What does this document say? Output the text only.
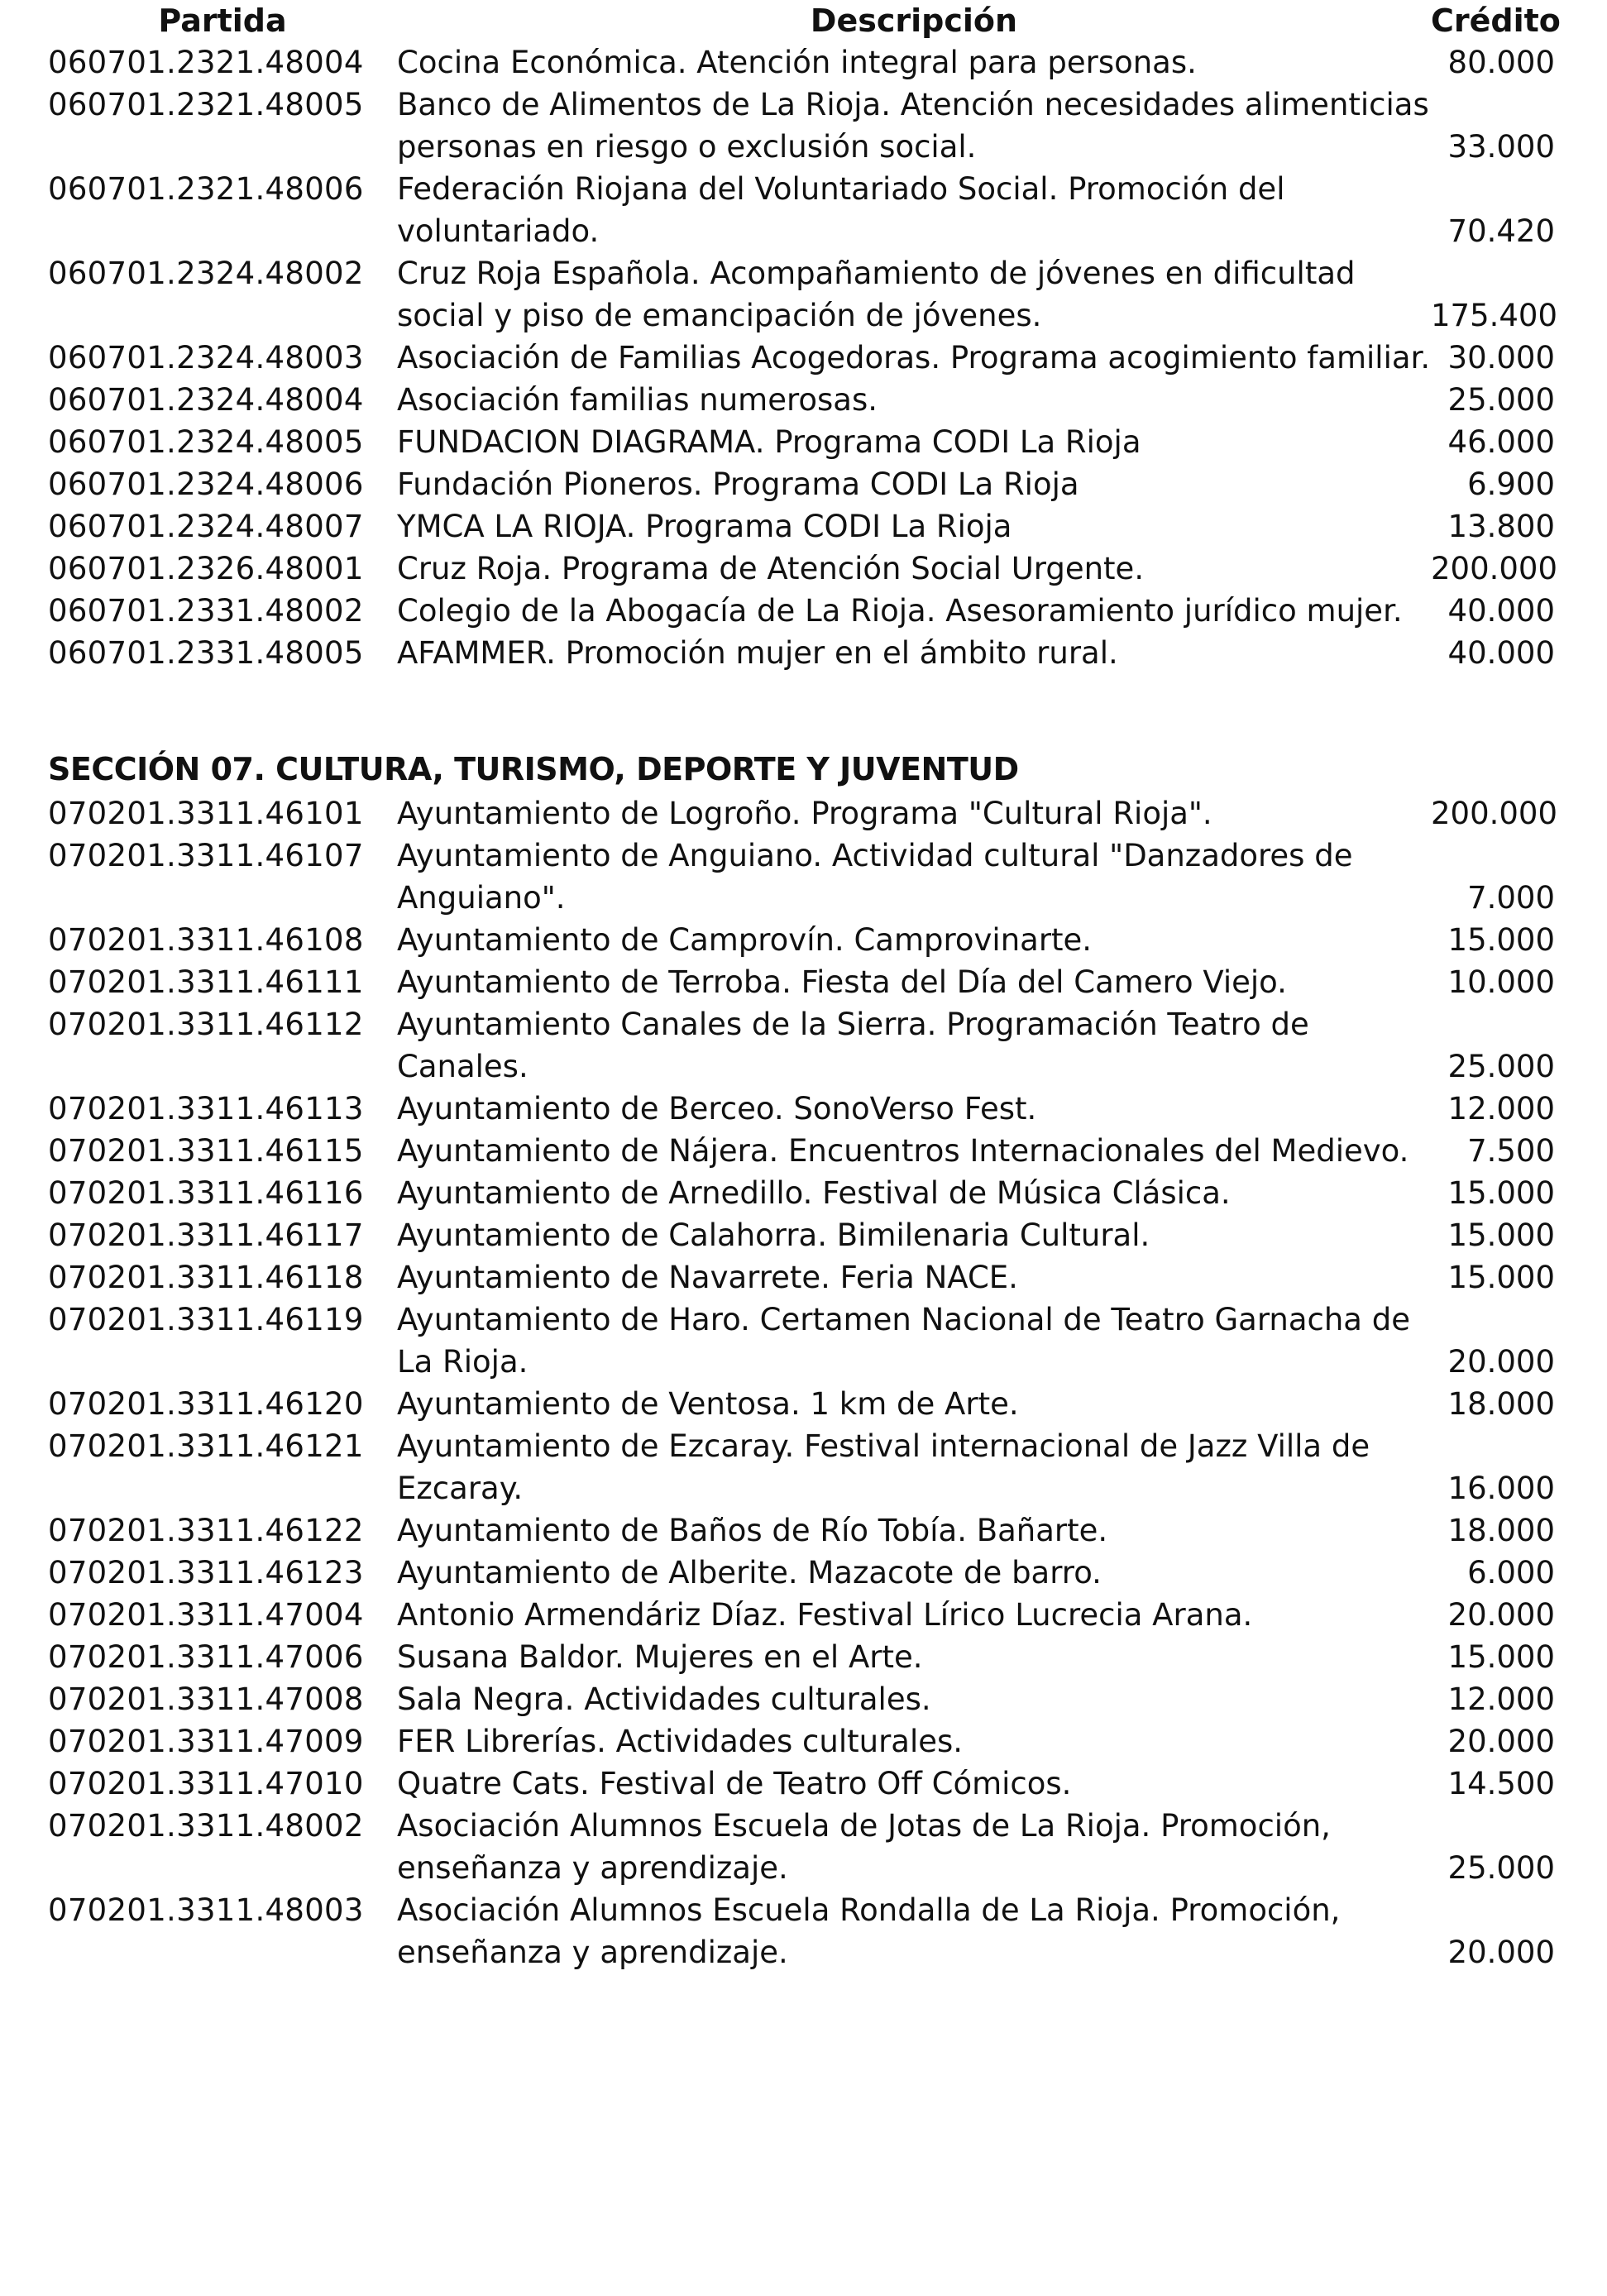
Partida	Descripción	Crédito
060701.2321.48004	Cocina Económica. Atención integral para personas.	80.000
060701.2321.48005	Banco de Alimentos de La Rioja. Atención necesidades alimenticias personas en riesgo o exclusión social.	33.000
060701.2321.48006	Federación Riojana del Voluntariado Social. Promoción del voluntariado.	70.420
060701.2324.48002	Cruz Roja Española. Acompañamiento de jóvenes en dificultad social y piso de emancipación de jóvenes.	175.400
060701.2324.48003	Asociación de Familias Acogedoras. Programa acogimiento familiar.	30.000
060701.2324.48004	Asociación familias numerosas.	25.000
060701.2324.48005	FUNDACION DIAGRAMA. Programa CODI La Rioja	46.000
060701.2324.48006	Fundación Pioneros. Programa CODI La Rioja	6.900
060701.2324.48007	YMCA LA RIOJA. Programa CODI La Rioja	13.800
060701.2326.48001	Cruz Roja. Programa de Atención Social Urgente.	200.000
060701.2331.48002	Colegio de la Abogacía de La Rioja. Asesoramiento jurídico mujer.	40.000
060701.2331.48005	AFAMMER. Promoción mujer en el ámbito rural.	40.000
SECCIÓN 07. CULTURA, TURISMO, DEPORTE Y JUVENTUD
070201.3311.46101	Ayuntamiento de Logroño. Programa "Cultural Rioja".	200.000
070201.3311.46107	Ayuntamiento de Anguiano. Actividad cultural "Danzadores de Anguiano".	7.000
070201.3311.46108	Ayuntamiento de Camprovín. Camprovinarte.	15.000
070201.3311.46111	Ayuntamiento de Terroba. Fiesta del Día del Camero Viejo.	10.000
070201.3311.46112	Ayuntamiento Canales de la Sierra. Programación Teatro de Canales.	25.000
070201.3311.46113	Ayuntamiento de Berceo. SonoVerso Fest.	12.000
070201.3311.46115	Ayuntamiento de Nájera. Encuentros Internacionales del Medievo.	7.500
070201.3311.46116	Ayuntamiento de Arnedillo. Festival de Música Clásica.	15.000
070201.3311.46117	Ayuntamiento de Calahorra. Bimilenaria Cultural.	15.000
070201.3311.46118	Ayuntamiento de Navarrete. Feria NACE.	15.000
070201.3311.46119	Ayuntamiento de Haro. Certamen Nacional de Teatro Garnacha de La Rioja.	20.000
070201.3311.46120	Ayuntamiento de Ventosa. 1 km de Arte.	18.000
070201.3311.46121	Ayuntamiento de Ezcaray. Festival internacional de Jazz Villa de Ezcaray.	16.000
070201.3311.46122	Ayuntamiento de Baños de Río Tobía. Bañarte.	18.000
070201.3311.46123	Ayuntamiento de Alberite. Mazacote de barro.	6.000
070201.3311.47004	Antonio Armendáriz Díaz. Festival Lírico Lucrecia Arana.	20.000
070201.3311.47006	Susana Baldor. Mujeres en el Arte.	15.000
070201.3311.47008	Sala Negra. Actividades culturales.	12.000
070201.3311.47009	FER Librerías. Actividades culturales.	20.000
070201.3311.47010	Quatre Cats. Festival de Teatro Off Cómicos.	14.500
070201.3311.48002	Asociación Alumnos Escuela de Jotas de La Rioja. Promoción, enseñanza y aprendizaje.	25.000
070201.3311.48003	Asociación Alumnos Escuela Rondalla de La Rioja. Promoción, enseñanza y aprendizaje.	20.000
